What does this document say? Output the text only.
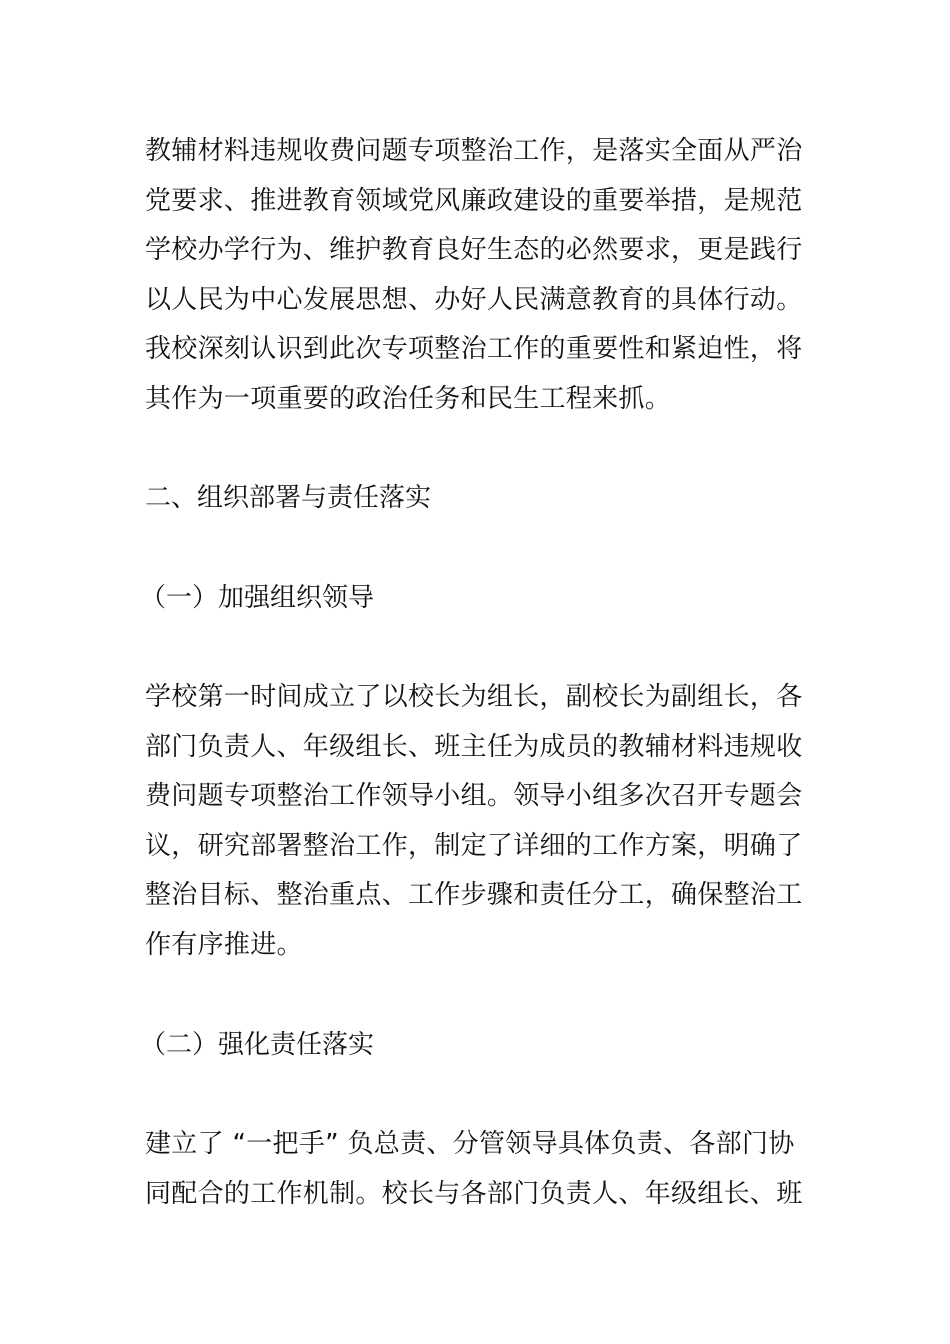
教辅材料违规收费问题专项整治工作，是落实全面从严治
党要求、推进教育领域党风廉政建设的重要举措，是规范
学校办学行为、维护教育良好生态的必然要求，更是践行
以人民为中心发展思想、办好人民满意教育的具体行动。
我校深刻认识到此次专项整治工作的重要性和紧迫性，将
其作为一项重要的政治任务和民生工程来抓。
二、组织部署与责任落实
（一）加强组织领导
学校第一时间成立了以校长为组长，副校长为副组长，各
部门负责人、年级组长、班主任为成员的教辅材料违规收
费问题专项整治工作领导小组。领导小组多次召开专题会
议，研究部署整治工作，制定了详细的工作方案，明确了
整治目标、整治重点、工作步骤和责任分工，确保整治工
作有序推进。
（二）强化责任落实
建立了 “一把手” 负总责、分管领导具体负责、各部门协
同配合的工作机制。校长与各部门负责人、年级组长、班
